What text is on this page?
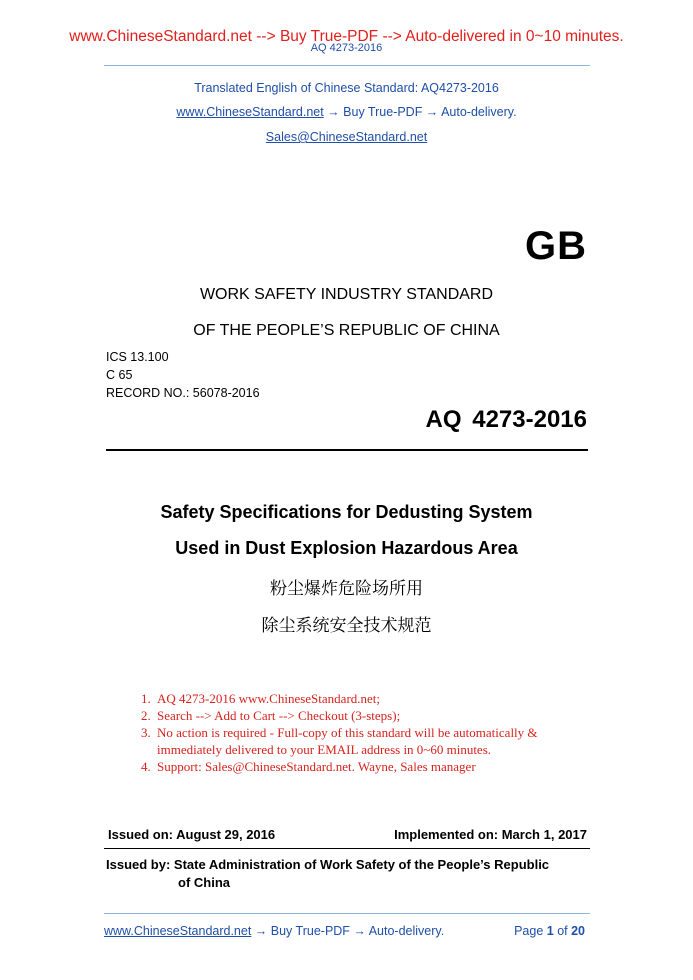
www.ChineseStandard.net --> Buy True-PDF --> Auto-delivered in 0~10 minutes.
AQ 4273-2016
Translated English of Chinese Standard: AQ4273-2016
www.ChineseStandard.net → Buy True-PDF → Auto-delivery.
Sales@ChineseStandard.net
GB
WORK SAFETY INDUSTRY STANDARD
OF THE PEOPLE’S REPUBLIC OF CHINA
ICS 13.100
C 65
RECORD NO.: 56078-2016
AQ 4273-2016
Safety Specifications for Dedusting System
Used in Dust Explosion Hazardous Area
粉尘爆炸危险场所用
除尘系统安全技术规范
1. AQ 4273-2016 www.ChineseStandard.net;
2. Search --> Add to Cart --> Checkout (3-steps);
3. No action is required - Full-copy of this standard will be automatically &
immediately delivered to your EMAIL address in 0~60 minutes.
4. Support: Sales@ChineseStandard.net. Wayne, Sales manager
Issued on: August 29, 2016	Implemented on: March 1, 2017
Issued by: State Administration of Work Safety of the People’s Republic
of China
www.ChineseStandard.net → Buy True-PDF → Auto-delivery.	Page 1 of 20
